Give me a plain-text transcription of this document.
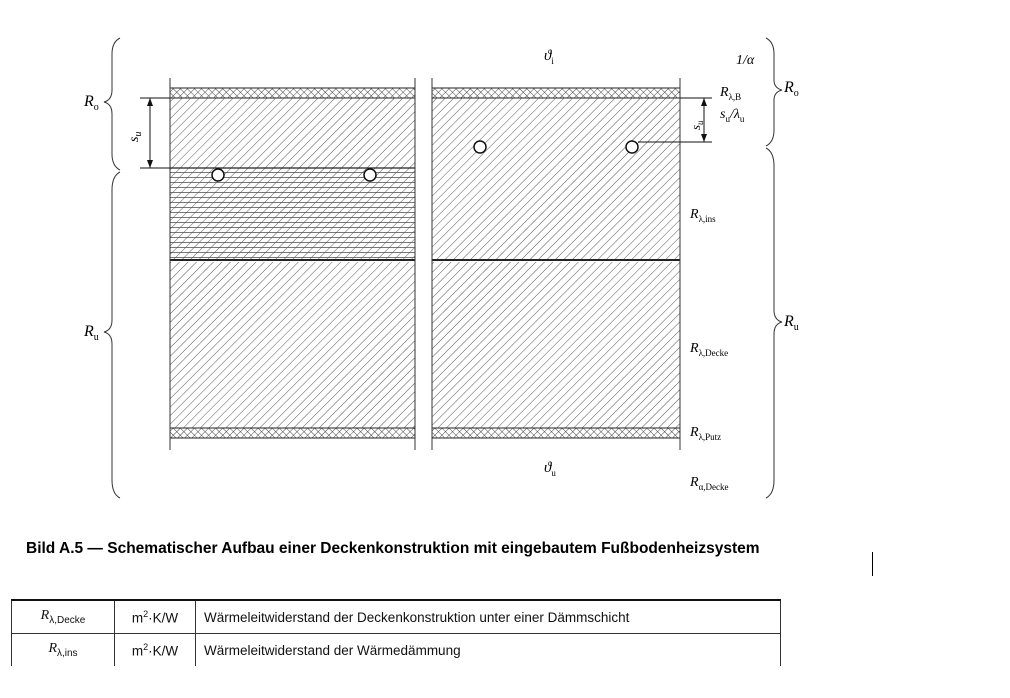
$s_u$
$s_u$
$R_o$
$R_u$
$R_o$
$R_u$
$ϑ_i$
$ϑ_u$
1/α
$R_{\lambda,B}$
$s_u/\lambda_u$
$R_{\lambda,ins}$
$R_{\lambda,Decke}$
$R_{\lambda,Putz}$
$R_{\alpha,Decke}$
Bild A.5 — Schematischer Aufbau einer Deckenkonstruktion mit eingebautem Fußbodenheizsystem
$R_{\lambda,Decke}$	$m^2\cdot K/W$	Wärmeleitwiderstand der Deckenkonstruktion unter einer Dämmschicht
$R_{\lambda,ins}$	$m^2\cdot K/W$	Wärmeleitwiderstand der Wärmedämmung
